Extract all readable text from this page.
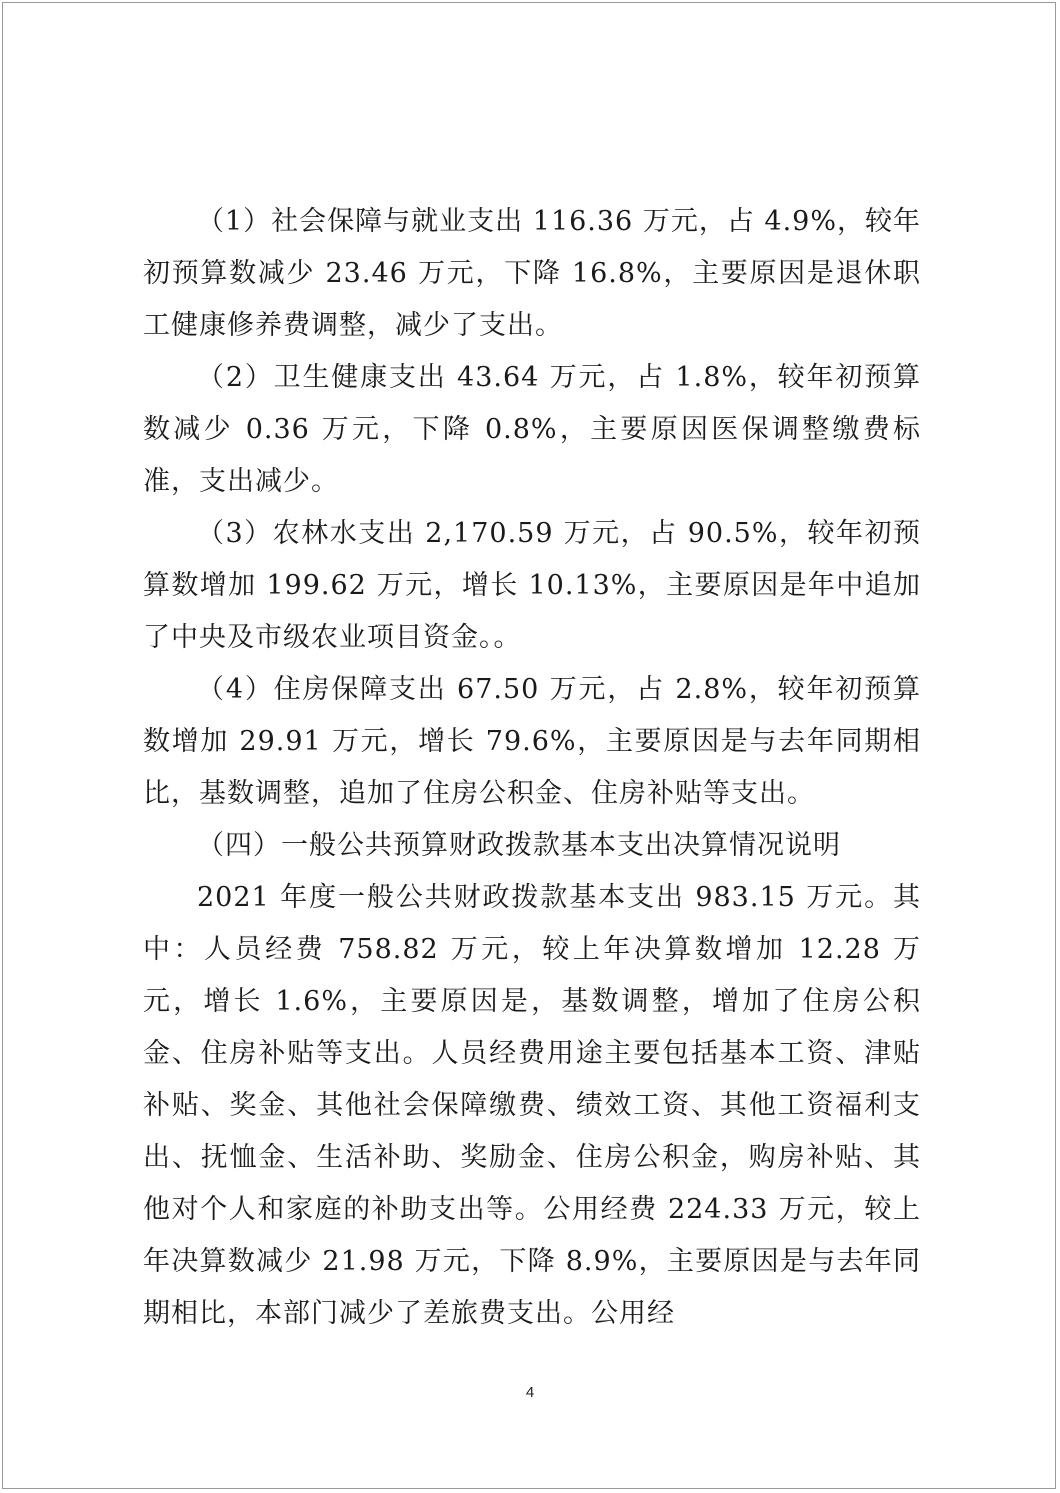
（1）社会保障与就业支出 116.36 万元，占 4.9%，较年初预算数减少 23.46 万元，下降 16.8%，主要原因是退休职工健康修养费调整，减少了支出。

（2）卫生健康支出 43.64 万元，占 1.8%，较年初预算数减少 0.36 万元，下降 0.8%，主要原因医保调整缴费标准，支出减少。

（3）农林水支出 2,170.59 万元，占 90.5%，较年初预算数增加 199.62 万元，增长 10.13%，主要原因是年中追加了中央及市级农业项目资金。。

（4）住房保障支出 67.50 万元，占 2.8%，较年初预算数增加 29.91 万元，增长 79.6%，主要原因是与去年同期相比，基数调整，追加了住房公积金、住房补贴等支出。

（四）一般公共预算财政拨款基本支出决算情况说明

2021 年度一般公共财政拨款基本支出 983.15 万元。其中：人员经费 758.82 万元，较上年决算数增加 12.28 万元，增长 1.6%，主要原因是，基数调整，增加了住房公积金、住房补贴等支出。人员经费用途主要包括基本工资、津贴补贴、奖金、其他社会保障缴费、绩效工资、其他工资福利支出、抚恤金、生活补助、奖励金、住房公积金，购房补贴、其他对个人和家庭的补助支出等。公用经费 224.33 万元，较上年决算数减少 21.98 万元，下降 8.9%，主要原因是与去年同期相比，本部门减少了差旅费支出。公用经

4
